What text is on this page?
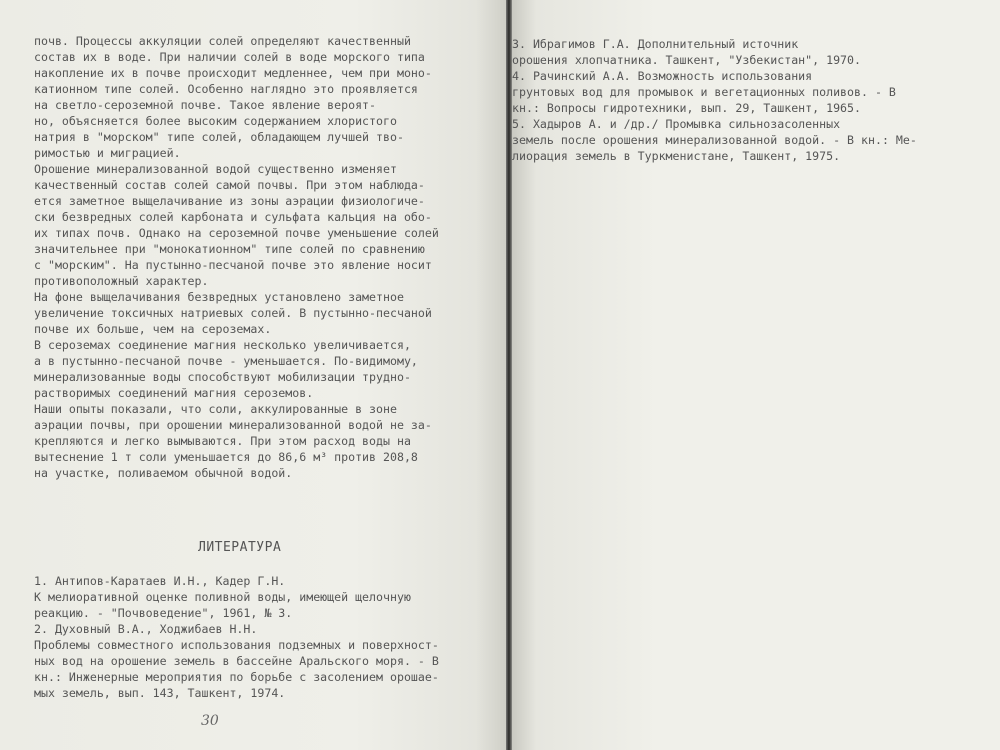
почв. Процессы аккуляции солей определяют качественный
состав их в воде. При наличии солей в воде морского типа
накопление их в почве происходит медленнее, чем при моно-
катионном типе солей. Особенно наглядно это проявляется
на светло-сероземной почве. Такое явление вероят-
но, объясняется более высоким содержанием хлористого
натрия в "морском" типе солей, обладающем лучшей тво-
римостью и миграцией.
Орошение минерализованной водой существенно изменяет
качественный состав солей самой почвы. При этом наблюда-
ется заметное выщелачивание из зоны аэрации физиологиче-
ски безвредных солей карбоната и сульфата кальция на обо-
их типах почв. Однако на сероземной почве уменьшение солей
значительнее при "монокатионном" типе солей по сравнению
с "морским". На пустынно-песчаной почве это явление носит
противоположный характер.
На фоне выщелачивания безвредных установлено заметное
увеличение токсичных натриевых солей. В пустынно-песчаной
почве их больше, чем на сероземах.
В сероземах соединение магния несколько увеличивается,
а в пустынно-песчаной почве - уменьшается. По-видимому,
минерализованные воды способствуют мобилизации трудно-
растворимых соединений магния сероземов.
Наши опыты показали, что соли, аккулированные в зоне
аэрации почвы, при орошении минерализованной водой не за-
крепляются и легко вымываются. При этом расход воды на
вытеснение 1 т соли уменьшается до 86,6 м³ против 208,8
на участке, поливаемом обычной водой.
ЛИТЕРАТУРА
1. Антипов-Каратаев И.Н., Кадер Г.Н.
К мелиоративной оценке поливной воды, имеющей щелочную
реакцию. - "Почвоведение", 1961, № 3.
2. Духовный В.А., Ходжибаев Н.Н.
Проблемы совместного использования подземных и поверхност-
ных вод на орошение земель в бассейне Аральского моря. - В
кн.: Инженерные мероприятия по борьбе с засолением орошае-
мых земель, вып. 143, Ташкент, 1974.
30
3. Ибрагимов Г.А. Дополнительный источник
орошения хлопчатника. Ташкент, "Узбекистан", 1970.
4. Рачинский А.А. Возможность использования
грунтовых вод для промывок и вегетационных поливов. - В
кн.: Вопросы гидротехники, вып. 29, Ташкент, 1965.
5. Хадыров А. и /др./ Промывка сильнозасоленных
земель после орошения минерализованной водой. - В кн.: Ме-
лиорация земель в Туркменистане, Ташкент, 1975.
